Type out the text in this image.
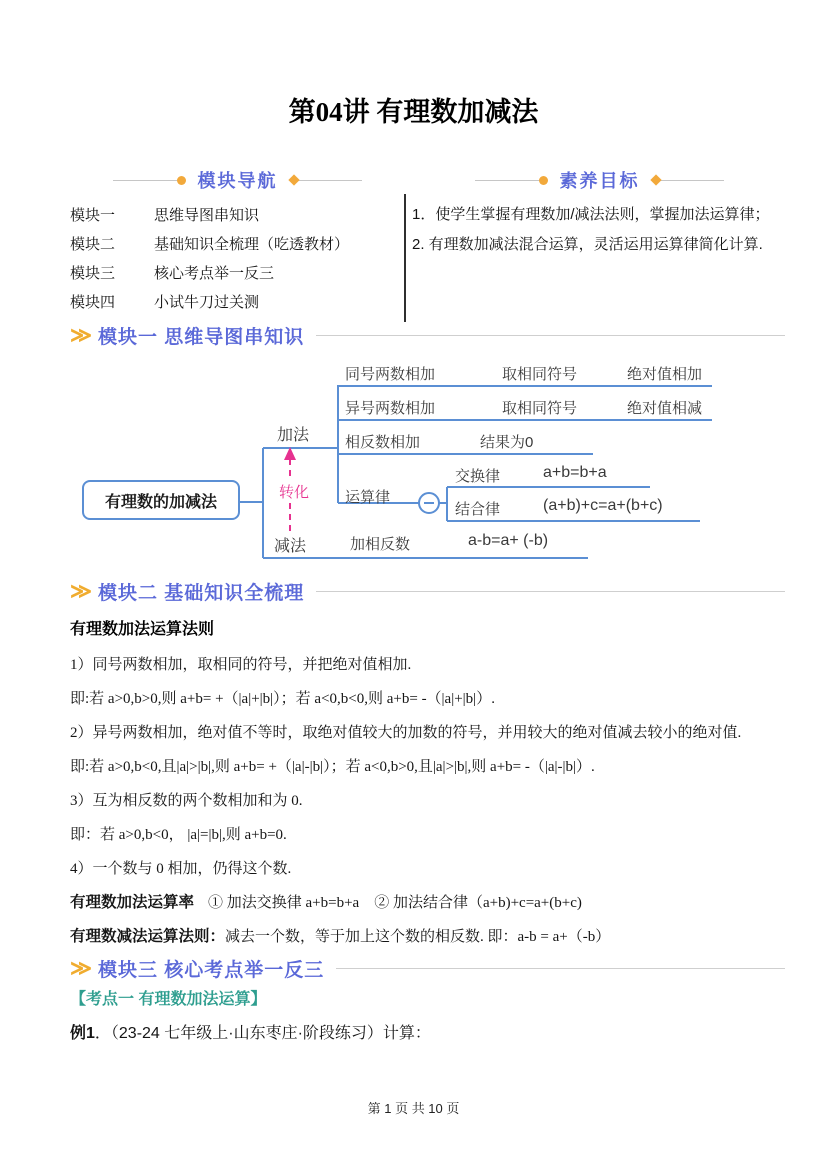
第04讲 有理数加减法
模块导航
模块一	思维导图串知识
模块二	基础知识全梳理（吃透教材）
模块三	核心考点举一反三
模块四	小试牛刀过关测
素养目标
1．使学生掌握有理数加/减法法则，掌握加法运算律；
2. 有理数加减法混合运算，灵活运用运算律简化计算.
≫ 模块一 思维导图串知识
有理数的加减法
加法
转化
减法
同号两数相加	取相同符号	绝对值相加
异号两数相加	取相同符号	绝对值相减
相反数相加	结果为0
交换律	a+b=b+a
运算律
结合律	(a+b)+c=a+(b+c)
加相反数	a-b=a+ (-b)
≫ 模块二 基础知识全梳理

有理数加法运算法则

1）同号两数相加，取相同的符号，并把绝对值相加.

即:若 a>0,b>0,则 a+b= +（|a|+|b|）；若 a<0,b<0,则 a+b= -（|a|+|b|）.

2）异号两数相加，绝对值不等时，取绝对值较大的加数的符号，并用较大的绝对值减去较小的绝对值.

即:若 a>0,b<0,且|a|>|b|,则 a+b= +（|a|-|b|）；若 a<0,b>0,且|a|>|b|,则 a+b= -（|a|-|b|）.

3）互为相反数的两个数相加和为 0.

即：若 a>0,b<0， |a|=|b|,则 a+b=0.

4）一个数与 0 相加，仍得这个数.

有理数加法运算率 ① 加法交换律 a+b=b+a　② 加法结合律（a+b)+c=a+(b+c)

有理数减法运算法则：减去一个数，等于加上这个数的相反数. 即：a-b = a+（-b）

≫ 模块三 核心考点举一反三
【考点一 有理数加法运算】
例1．（23-24 七年级上·山东枣庄·阶段练习）计算：
第 1 页 共 10 页
